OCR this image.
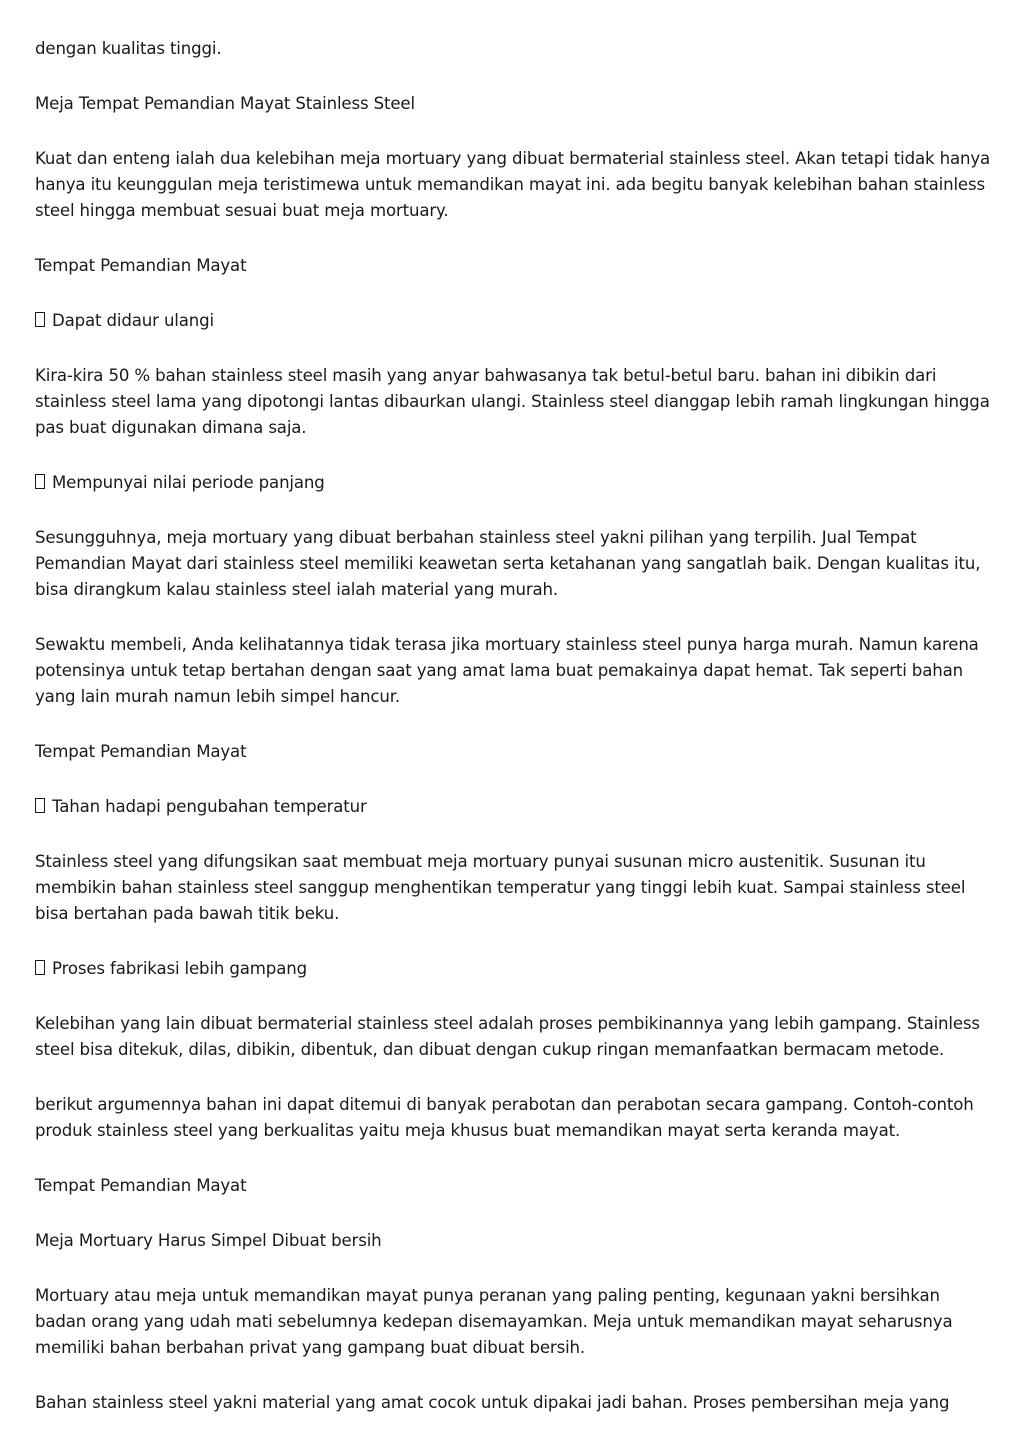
dengan kualitas tinggi.

Meja Tempat Pemandian Mayat Stainless Steel

Kuat dan enteng ialah dua kelebihan meja mortuary yang dibuat bermaterial stainless steel. Akan tetapi tidak hanya hanya itu keunggulan meja teristimewa untuk memandikan mayat ini. ada begitu banyak kelebihan bahan stainless steel hingga membuat sesuai buat meja mortuary.

Tempat Pemandian Mayat

Dapat didaur ulangi

Kira-kira 50 % bahan stainless steel masih yang anyar bahwasanya tak betul-betul baru. bahan ini dibikin dari stainless steel lama yang dipotongi lantas dibaurkan ulangi. Stainless steel dianggap lebih ramah lingkungan hingga pas buat digunakan dimana saja.

Mempunyai nilai periode panjang

Sesungguhnya, meja mortuary yang dibuat berbahan stainless steel yakni pilihan yang terpilih. Jual Tempat Pemandian Mayat dari stainless steel memiliki keawetan serta ketahanan yang sangatlah baik. Dengan kualitas itu, bisa dirangkum kalau stainless steel ialah material yang murah.

Sewaktu membeli, Anda kelihatannya tidak terasa jika mortuary stainless steel punya harga murah. Namun karena potensinya untuk tetap bertahan dengan saat yang amat lama buat pemakainya dapat hemat. Tak seperti bahan yang lain murah namun lebih simpel hancur.

Tempat Pemandian Mayat

Tahan hadapi pengubahan temperatur

Stainless steel yang difungsikan saat membuat meja mortuary punyai susunan micro austenitik. Susunan itu membikin bahan stainless steel sanggup menghentikan temperatur yang tinggi lebih kuat. Sampai stainless steel bisa bertahan pada bawah titik beku.

Proses fabrikasi lebih gampang

Kelebihan yang lain dibuat bermaterial stainless steel adalah proses pembikinannya yang lebih gampang. Stainless steel bisa ditekuk, dilas, dibikin, dibentuk, dan dibuat dengan cukup ringan memanfaatkan bermacam metode.

berikut argumennya bahan ini dapat ditemui di banyak perabotan dan perabotan secara gampang. Contoh-contoh produk stainless steel yang berkualitas yaitu meja khusus buat memandikan mayat serta keranda mayat.

Tempat Pemandian Mayat

Meja Mortuary Harus Simpel Dibuat bersih

Mortuary atau meja untuk memandikan mayat punya peranan yang paling penting, kegunaan yakni bersihkan badan orang yang udah mati sebelumnya kedepan disemayamkan. Meja untuk memandikan mayat seharusnya memiliki bahan berbahan privat yang gampang buat dibuat bersih.

Bahan stainless steel yakni material yang amat cocok untuk dipakai jadi bahan. Proses pembersihan meja yang
